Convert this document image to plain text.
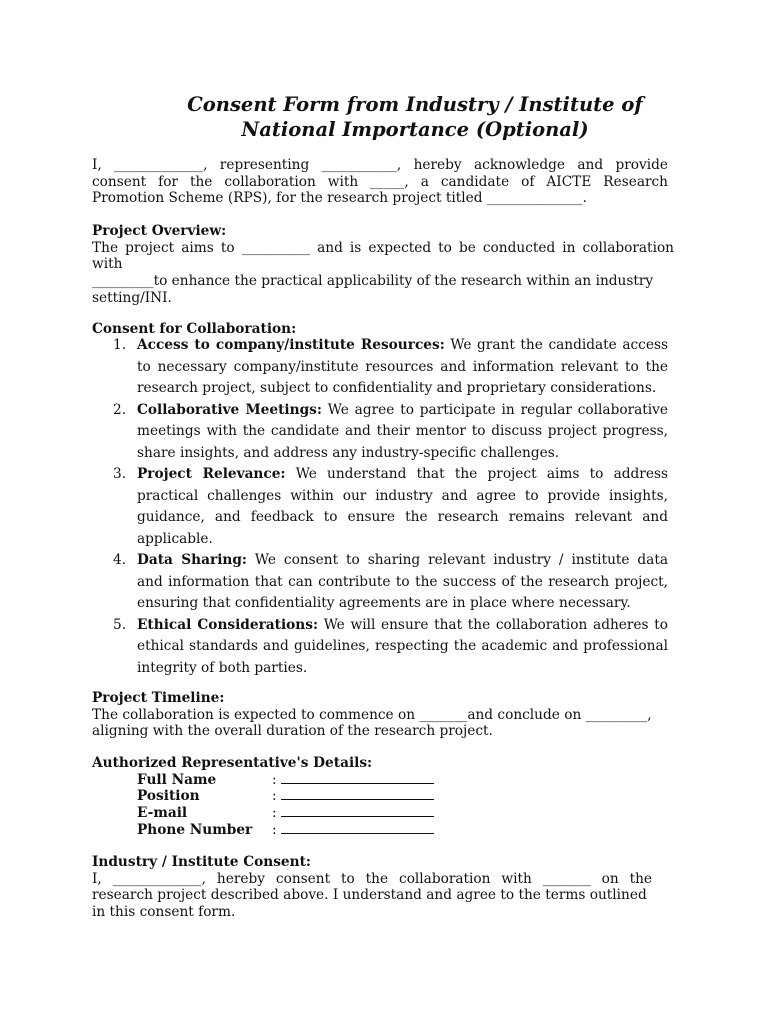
Consent Form from Industry / Institute of
National Importance (Optional)

I, _____________, representing ___________, hereby acknowledge and provide
consent for the collaboration with _____, a candidate of AICTE Research
Promotion Scheme (RPS), for the research project titled ______________.

Project Overview:

The project aims to __________ and is expected to be conducted in collaboration
with
_________to enhance the practical applicability of the research within an industry
setting/INI.

Consent for Collaboration:

1. Access to company/institute Resources: We grant the candidate access
to necessary company/institute resources and information relevant to the
research project, subject to confidentiality and proprietary considerations.
2. Collaborative Meetings: We agree to participate in regular collaborative
meetings with the candidate and their mentor to discuss project progress,
share insights, and address any industry-specific challenges.
3. Project Relevance: We understand that the project aims to address
practical challenges within our industry and agree to provide insights,
guidance, and feedback to ensure the research remains relevant and
applicable.
4. Data Sharing: We consent to sharing relevant industry / institute data
and information that can contribute to the success of the research project,
ensuring that confidentiality agreements are in place where necessary.
5. Ethical Considerations: We will ensure that the collaboration adheres to
ethical standards and guidelines, respecting the academic and professional
integrity of both parties.

Project Timeline:

The collaboration is expected to commence on _______and conclude on _________,
aligning with the overall duration of the research project.

Authorized Representative's Details:

Full Name	:
Position	:
E-mail	:
Phone Number :

Industry / Institute Consent:

I, _____________, hereby consent to the collaboration with _______ on the
research project described above. I understand and agree to the terms outlined
in this consent form.
